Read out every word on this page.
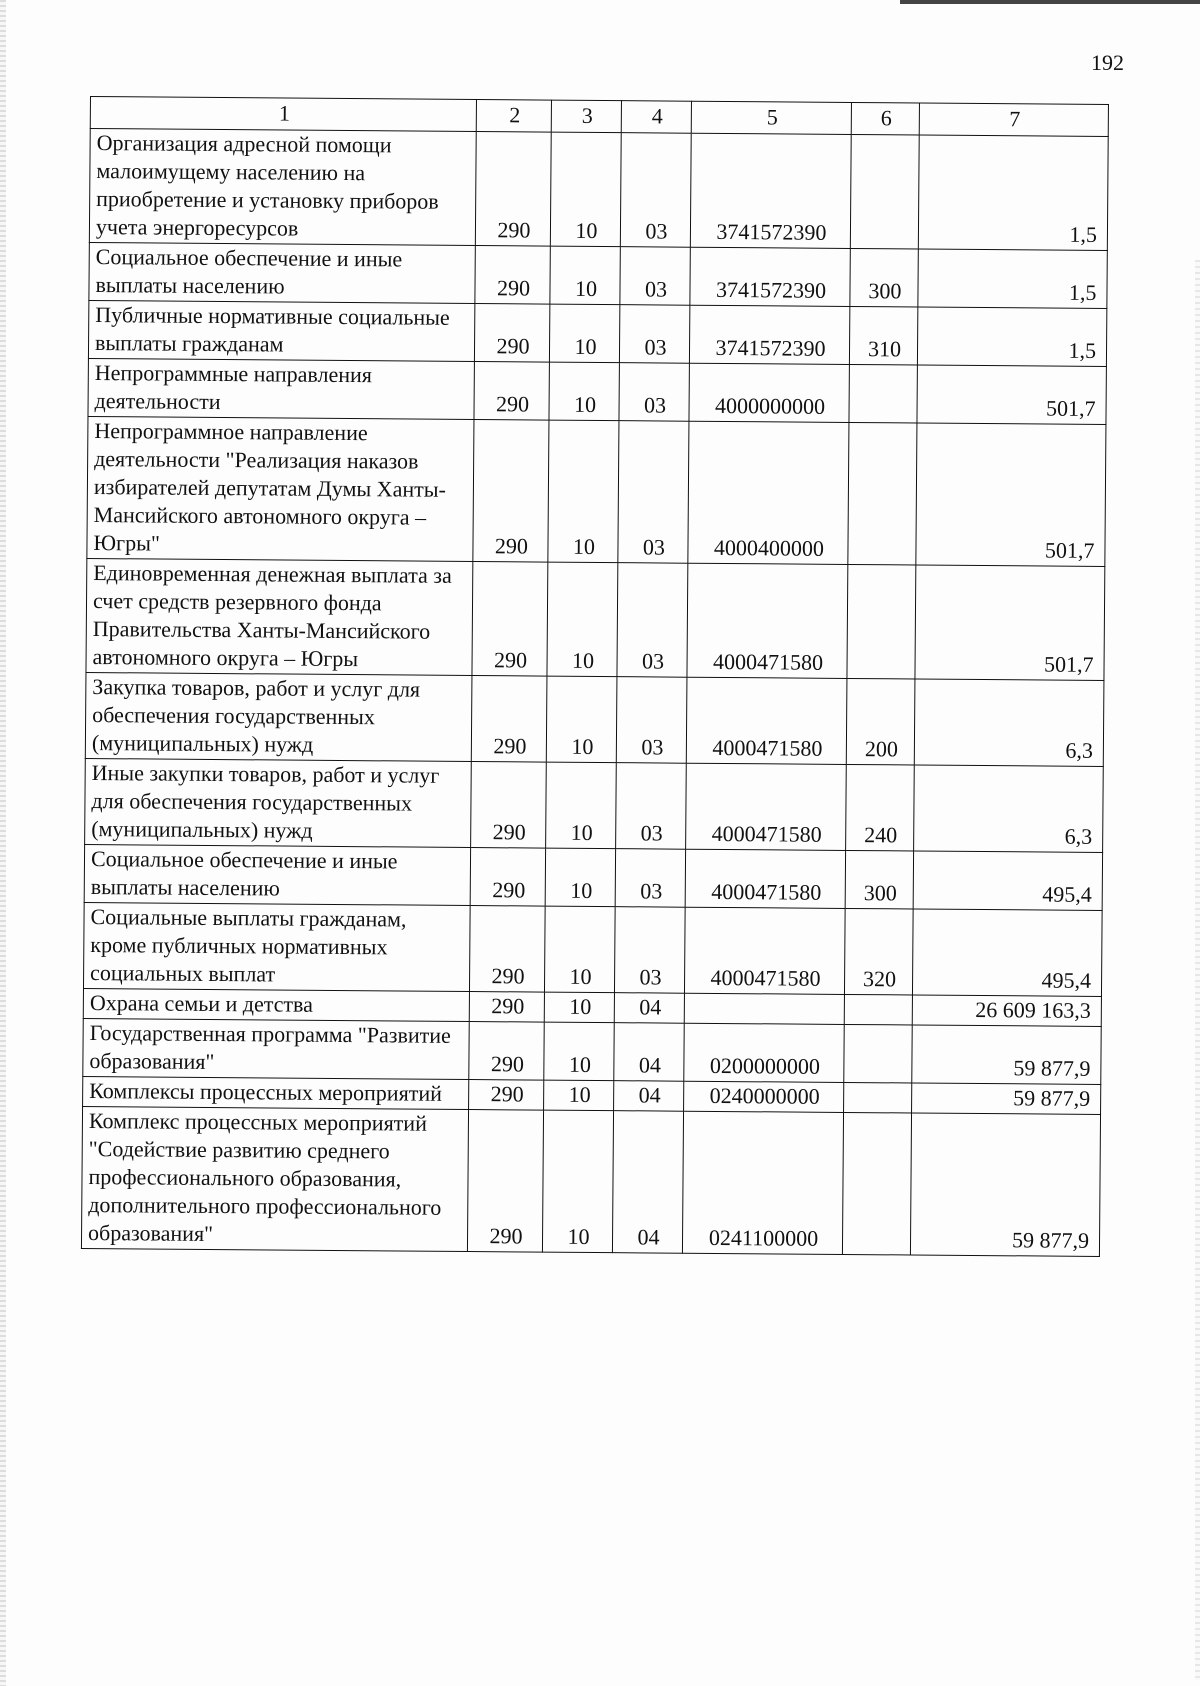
192
1	2	3	4	5	6	7
Организация адресной помощи малоимущему населению на приобретение и установку приборов учета энергоресурсов	290	10	03	3741572390		1,5
Социальное обеспечение и иные выплаты населению	290	10	03	3741572390	300	1,5
Публичные нормативные социальные выплаты гражданам	290	10	03	3741572390	310	1,5
Непрограммные направления деятельности	290	10	03	4000000000		501,7
Непрограммное направление деятельности "Реализация наказов избирателей депутатам Думы Ханты-Мансийского автономного округа – Югры"	290	10	03	4000400000		501,7
Единовременная денежная выплата за счет средств резервного фонда Правительства Ханты-Мансийского автономного округа – Югры	290	10	03	4000471580		501,7
Закупка товаров, работ и услуг для обеспечения государственных (муниципальных) нужд	290	10	03	4000471580	200	6,3
Иные закупки товаров, работ и услуг для обеспечения государственных (муниципальных) нужд	290	10	03	4000471580	240	6,3
Социальное обеспечение и иные выплаты населению	290	10	03	4000471580	300	495,4
Социальные выплаты гражданам, кроме публичных нормативных социальных выплат	290	10	03	4000471580	320	495,4
Охрана семьи и детства	290	10	04			26 609 163,3
Государственная программа "Развитие образования"	290	10	04	0200000000		59 877,9
Комплексы процессных мероприятий	290	10	04	0240000000		59 877,9
Комплекс процессных мероприятий "Содействие развитию среднего профессионального образования, дополнительного профессионального образования"	290	10	04	0241100000		59 877,9
